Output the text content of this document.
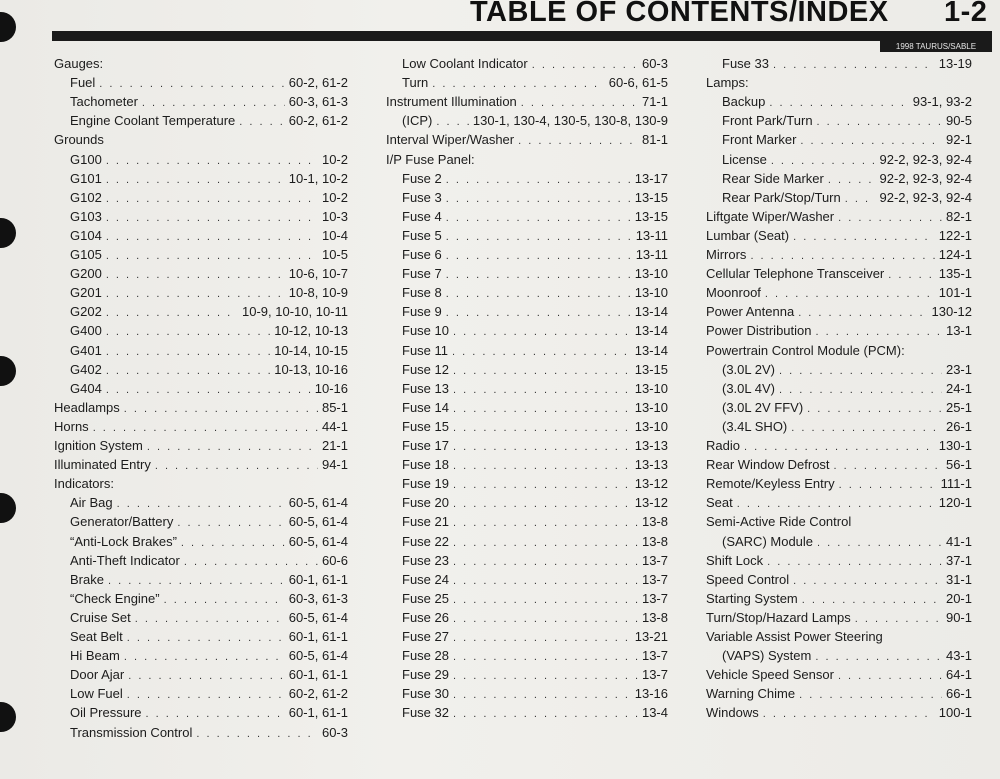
TABLE OF CONTENTS/INDEX 1-2
1998 TAURUS/SABLE
Gauges:
Fuel . . .	60-2, 61-2
Tachometer . . .	60-3, 61-3
Engine Coolant Temperature . . .	60-2, 61-2
Grounds
G100 . . .	10-2
G101 . . .	10-1, 10-2
G102 . . .	10-2
G103 . . .	10-3
G104 . . .	10-4
G105 . . .	10-5
G200 . . .	10-6, 10-7
G201 . . .	10-8, 10-9
G202 . . .	10-9, 10-10, 10-11
G400 . . .	10-12, 10-13
G401 . . .	10-14, 10-15
G402 . . .	10-13, 10-16
G404 . . .	10-16
Headlamps . . .	85-1
Horns . . .	44-1
Ignition System . . .	21-1
Illuminated Entry . . .	94-1
Indicators:
Air Bag . . .	60-5, 61-4
Generator/Battery . . .	60-5, 61-4
“Anti-Lock Brakes” . . .	60-5, 61-4
Anti-Theft Indicator . . .	60-6
Brake . . .	60-1, 61-1
“Check Engine” . . .	60-3, 61-3
Cruise Set . . .	60-5, 61-4
Seat Belt . . .	60-1, 61-1
Hi Beam . . .	60-5, 61-4
Door Ajar . . .	60-1, 61-1
Low Fuel . . .	60-2, 61-2
Oil Pressure . . .	60-1, 61-1
Transmission Control . . .	60-3
Low Coolant Indicator . . .	60-3
Turn . . .	60-6, 61-5
Instrument Illumination . . .	71-1
(ICP) . . .	130-1, 130-4, 130-5, 130-8, 130-9
Interval Wiper/Washer . . .	81-1
I/P Fuse Panel:
Fuse 2 . . .	13-17
Fuse 3 . . .	13-15
Fuse 4 . . .	13-15
Fuse 5 . . .	13-11
Fuse 6 . . .	13-11
Fuse 7 . . .	13-10
Fuse 8 . . .	13-10
Fuse 9 . . .	13-14
Fuse 10 . . .	13-14
Fuse 11 . . .	13-14
Fuse 12 . . .	13-15
Fuse 13 . . .	13-10
Fuse 14 . . .	13-10
Fuse 15 . . .	13-10
Fuse 17 . . .	13-13
Fuse 18 . . .	13-13
Fuse 19 . . .	13-12
Fuse 20 . . .	13-12
Fuse 21 . . .	13-8
Fuse 22 . . .	13-8
Fuse 23 . . .	13-7
Fuse 24 . . .	13-7
Fuse 25 . . .	13-7
Fuse 26 . . .	13-8
Fuse 27 . . .	13-21
Fuse 28 . . .	13-7
Fuse 29 . . .	13-7
Fuse 30 . . .	13-16
Fuse 32 . . .	13-4
Fuse 33 . . .	13-19
Lamps:
Backup . . .	93-1, 93-2
Front Park/Turn . . .	90-5
Front Marker . . .	92-1
License . . .	92-2, 92-3, 92-4
Rear Side Marker . . .	92-2, 92-3, 92-4
Rear Park/Stop/Turn . . .	92-2, 92-3, 92-4
Liftgate Wiper/Washer . . .	82-1
Lumbar (Seat) . . .	122-1
Mirrors . . .	124-1
Cellular Telephone Transceiver . . .	135-1
Moonroof . . .	101-1
Power Antenna . . .	130-12
Power Distribution . . .	13-1
Powertrain Control Module (PCM):
(3.0L 2V) . . .	23-1
(3.0L 4V) . . .	24-1
(3.0L 2V FFV) . . .	25-1
(3.4L SHO) . . .	26-1
Radio . . .	130-1
Rear Window Defrost . . .	56-1
Remote/Keyless Entry . . .	111-1
Seat . . .	120-1
Semi-Active Ride Control
(SARC) Module . . .	41-1
Shift Lock . . .	37-1
Speed Control . . .	31-1
Starting System . . .	20-1
Turn/Stop/Hazard Lamps . . .	90-1
Variable Assist Power Steering
(VAPS) System . . .	43-1
Vehicle Speed Sensor . . .	64-1
Warning Chime . . .	66-1
Windows . . .	100-1
